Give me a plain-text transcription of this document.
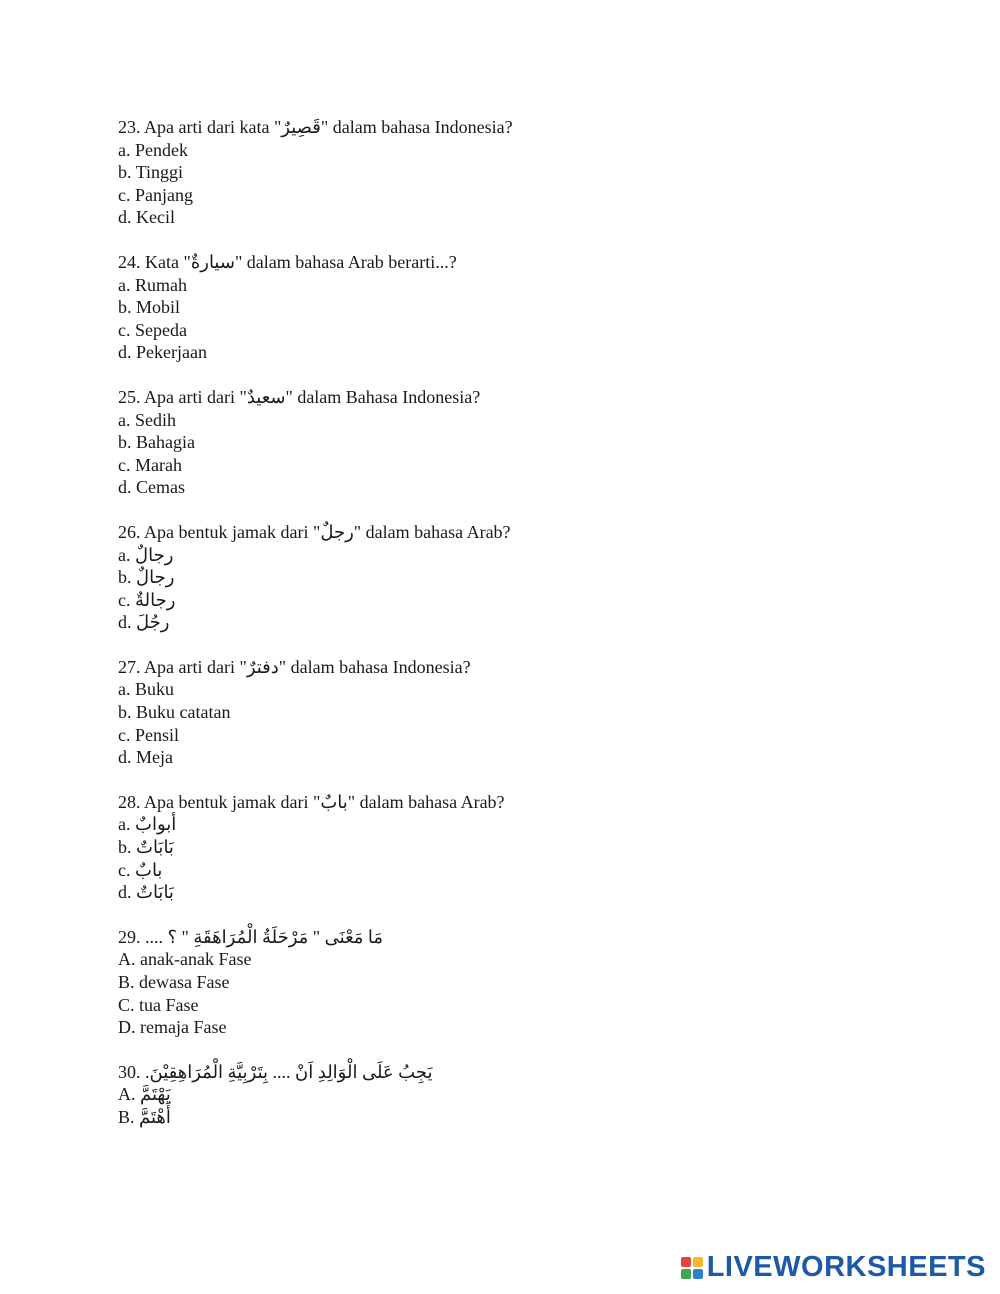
23. Apa arti dari kata "قَصِيرٌ" dalam bahasa Indonesia?
a. Pendek
b. Tinggi
c. Panjang
d. Kecil
24. Kata "سيارةٌ" dalam bahasa Arab berarti...?
a. Rumah
b. Mobil
c. Sepeda
d. Pekerjaan
25. Apa arti dari "سعيدٌ" dalam Bahasa Indonesia?
a. Sedih
b. Bahagia
c. Marah
d. Cemas
26. Apa bentuk jamak dari "رجلٌ" dalam bahasa Arab?
a. رجالٌ
b. رجالٌ
c. رجالةٌ
d. رجُلَ
27. Apa arti dari "دفترٌ" dalam bahasa Indonesia?
a. Buku
b. Buku catatan
c. Pensil
d. Meja
28. Apa bentuk jamak dari "بابٌ" dalam bahasa Arab?
a. أبوابٌ
b. بَابَاتٌ
c. بابٌ
d. بَابَاتٌ
29. مَا مَعْنَى " مَرْحَلَةُ الْمُرَاهَقَةِ " ؟ ....
A. anak-anak Fase
B. dewasa Fase
C. tua Fase
D. remaja Fase
30. يَجِبُ عَلَى الْوَالِدِ اَنْ .... بِتَرْبِيَّةِ الْمُرَاهِقِيْنَ.
A. يَهْتَمَّ
B. أَهْتَمَّ
LIVEWORKSHEETS
